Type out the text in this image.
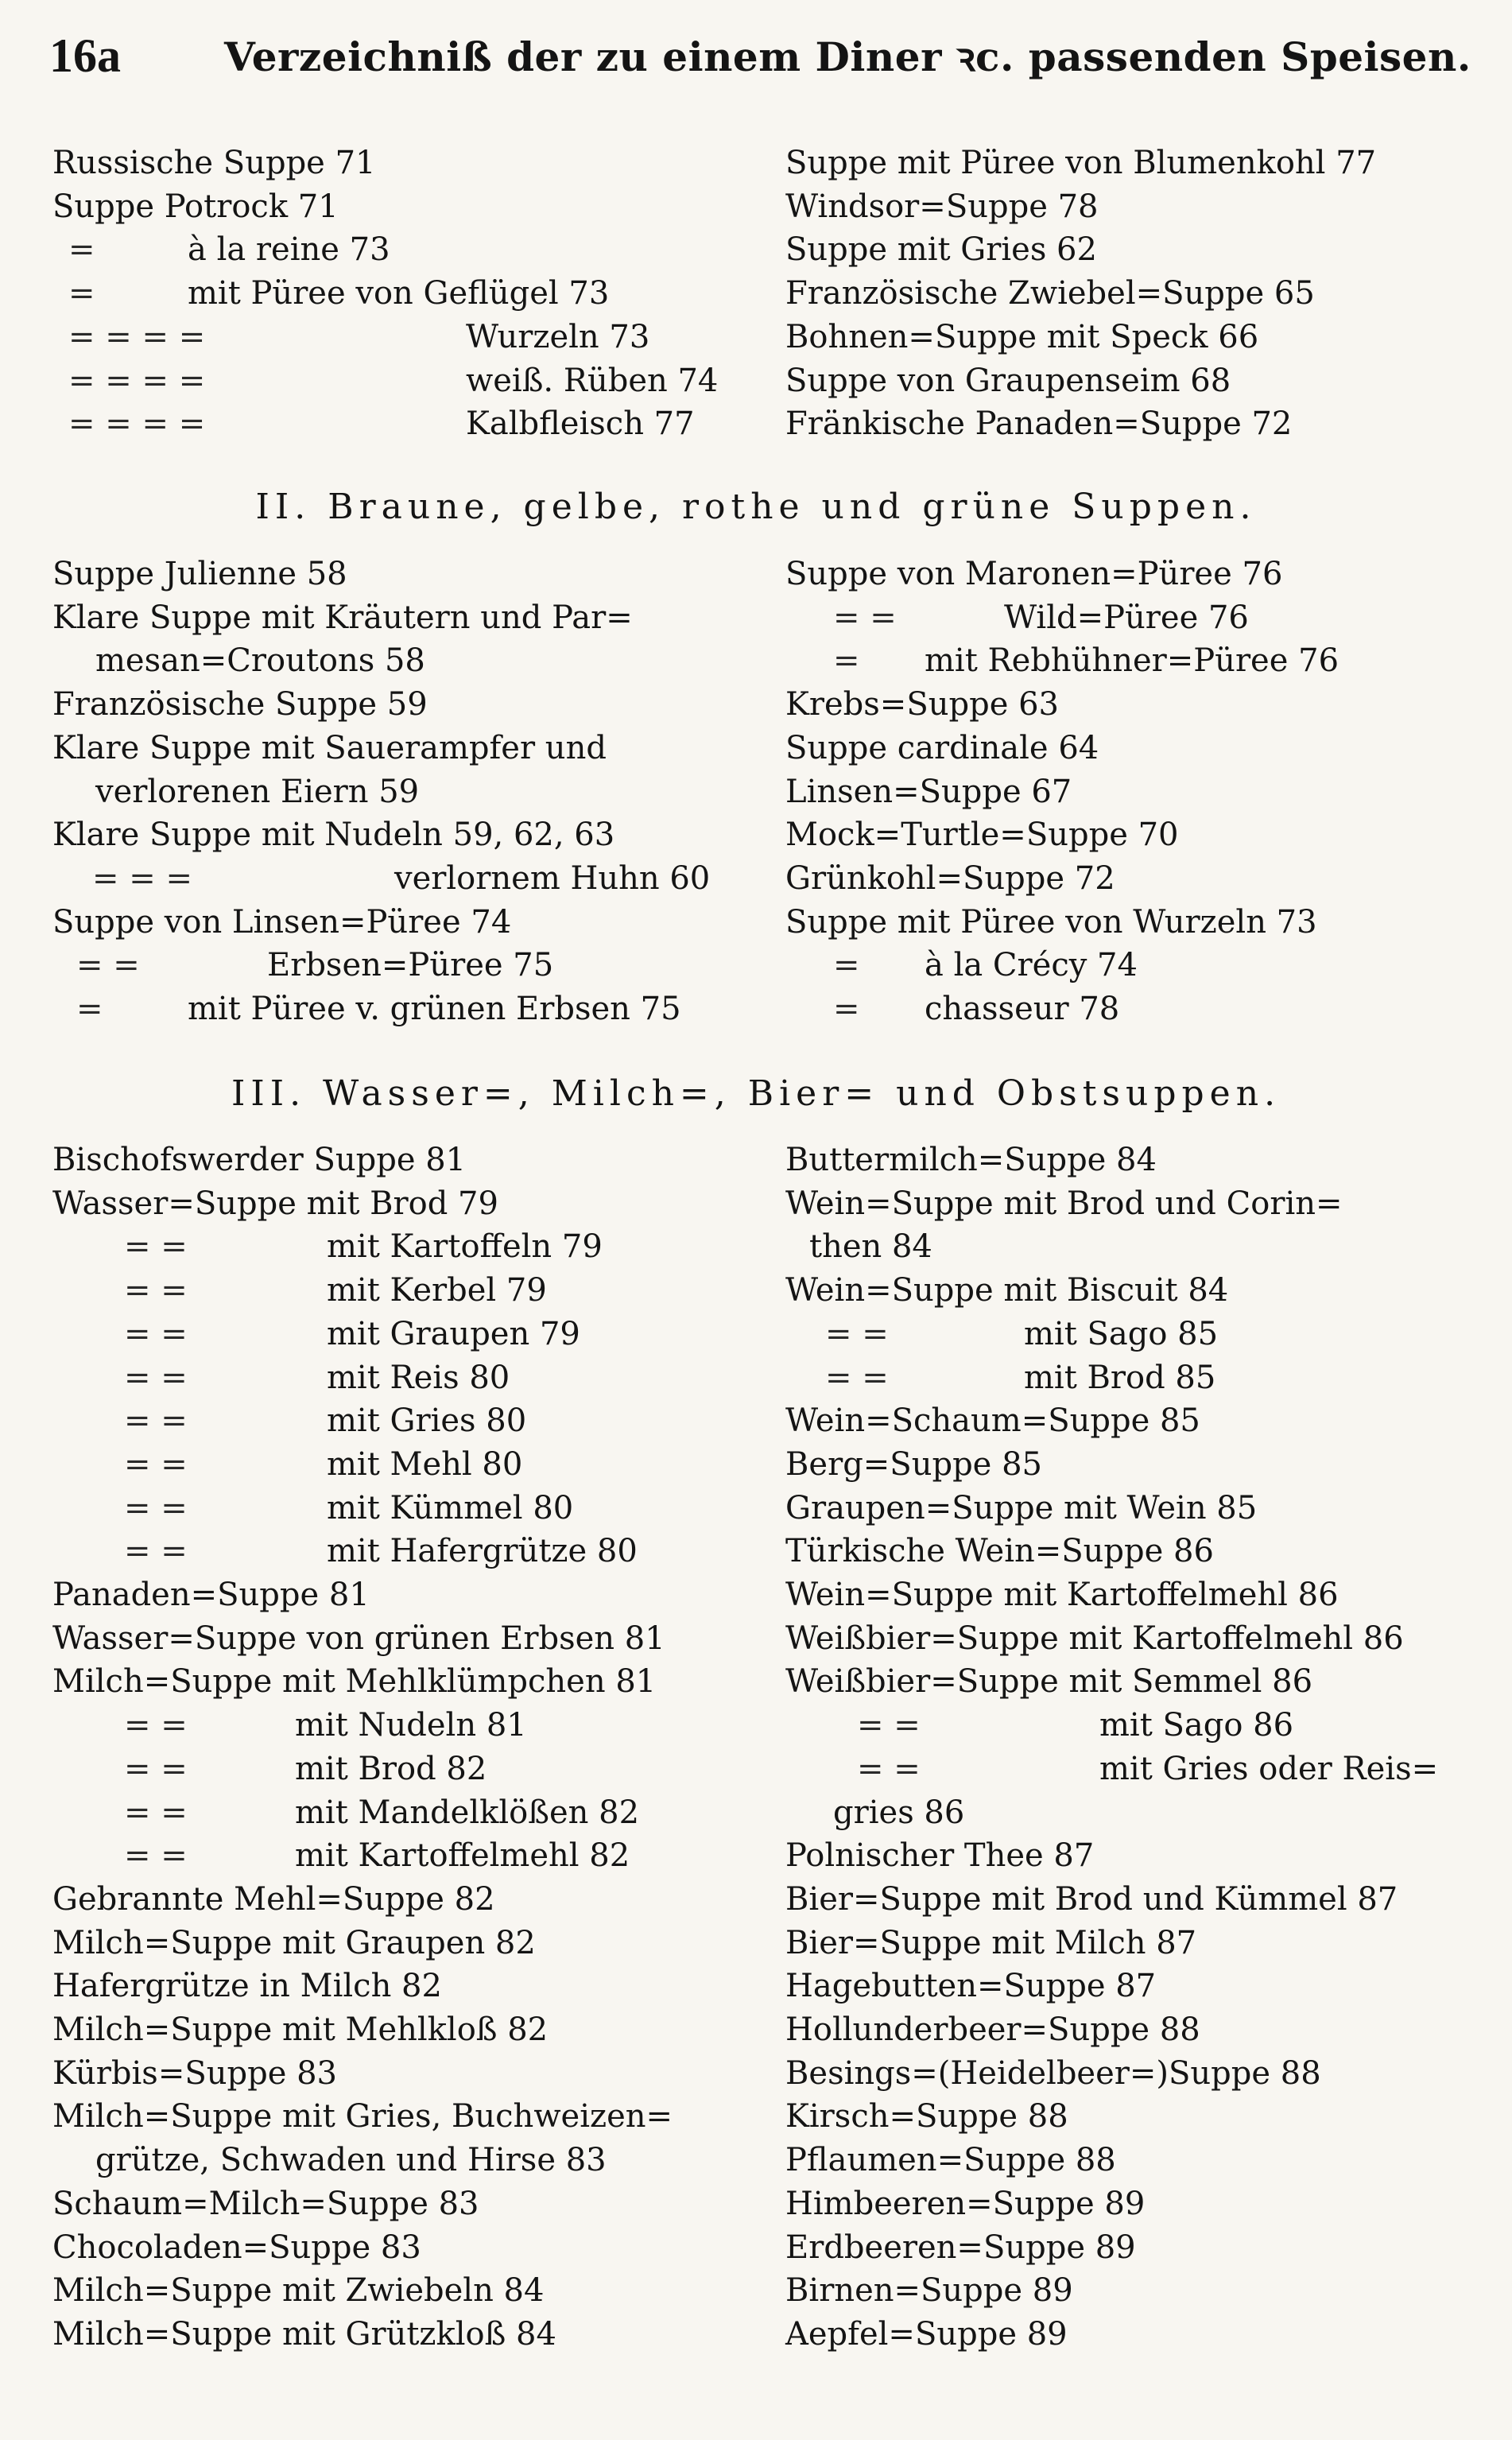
16a	Verzeichniß der zu einem Diner ꝛc. passenden Speisen.
Russische Suppe 71
Suppe Potrock 71
=	à la reine 73
=	mit Püree von Geflügel 73
= = = =	Wurzeln 73
= = = =	weiß. Rüben 74
= = = =	Kalbfleisch 77
Suppe mit Püree von Blumenkohl 77
Windsor=Suppe 78
Suppe mit Gries 62
Französische Zwiebel=Suppe 65
Bohnen=Suppe mit Speck 66
Suppe von Graupenseim 68
Fränkische Panaden=Suppe 72
II. Braune, gelbe, rothe und grüne Suppen.
Suppe Julienne 58
Klare Suppe mit Kräutern und Par=
mesan=Croutons 58
Französische Suppe 59
Klare Suppe mit Sauerampfer und
verlorenen Eiern 59
Klare Suppe mit Nudeln 59, 62, 63
= = =	verlornem Huhn 60
Suppe von Linsen=Püree 74
= =	Erbsen=Püree 75
=	mit Püree v. grünen Erbsen 75
Suppe von Maronen=Püree 76
= =	Wild=Püree 76
= mit Rebhühner=Püree 76
Krebs=Suppe 63
Suppe cardinale 64
Linsen=Suppe 67
Mock=Turtle=Suppe 70
Grünkohl=Suppe 72
Suppe mit Püree von Wurzeln 73
= à la Crécy 74
= chasseur 78
III. Wasser=, Milch=, Bier= und Obstsuppen.
Bischofswerder Suppe 81
Wasser=Suppe mit Brod 79
= =	mit Kartoffeln 79
= =	mit Kerbel 79
= =	mit Graupen 79
= =	mit Reis 80
= =	mit Gries 80
= =	mit Mehl 80
= =	mit Kümmel 80
= =	mit Hafergrütze 80
Panaden=Suppe 81
Wasser=Suppe von grünen Erbsen 81
Milch=Suppe mit Mehlklümpchen 81
= =	mit Nudeln 81
= =	mit Brod 82
= =	mit Mandelklößen 82
= =	mit Kartoffelmehl 82
Gebrannte Mehl=Suppe 82
Milch=Suppe mit Graupen 82
Hafergrütze in Milch 82
Milch=Suppe mit Mehlkloß 82
Kürbis=Suppe 83
Milch=Suppe mit Gries, Buchweizen=
grütze, Schwaden und Hirse 83
Schaum=Milch=Suppe 83
Chocoladen=Suppe 83
Milch=Suppe mit Zwiebeln 84
Milch=Suppe mit Grützkloß 84
Buttermilch=Suppe 84
Wein=Suppe mit Brod und Corin=
then 84
Wein=Suppe mit Biscuit 84
= =	mit Sago 85
= =	mit Brod 85
Wein=Schaum=Suppe 85
Berg=Suppe 85
Graupen=Suppe mit Wein 85
Türkische Wein=Suppe 86
Wein=Suppe mit Kartoffelmehl 86
Weißbier=Suppe mit Kartoffelmehl 86
Weißbier=Suppe mit Semmel 86
= =	mit Sago 86
= =	mit Gries oder Reis=
gries 86
Polnischer Thee 87
Bier=Suppe mit Brod und Kümmel 87
Bier=Suppe mit Milch 87
Hagebutten=Suppe 87
Hollunderbeer=Suppe 88
Besings=(Heidelbeer=)Suppe 88
Kirsch=Suppe 88
Pflaumen=Suppe 88
Himbeeren=Suppe 89
Erdbeeren=Suppe 89
Birnen=Suppe 89
Aepfel=Suppe 89
